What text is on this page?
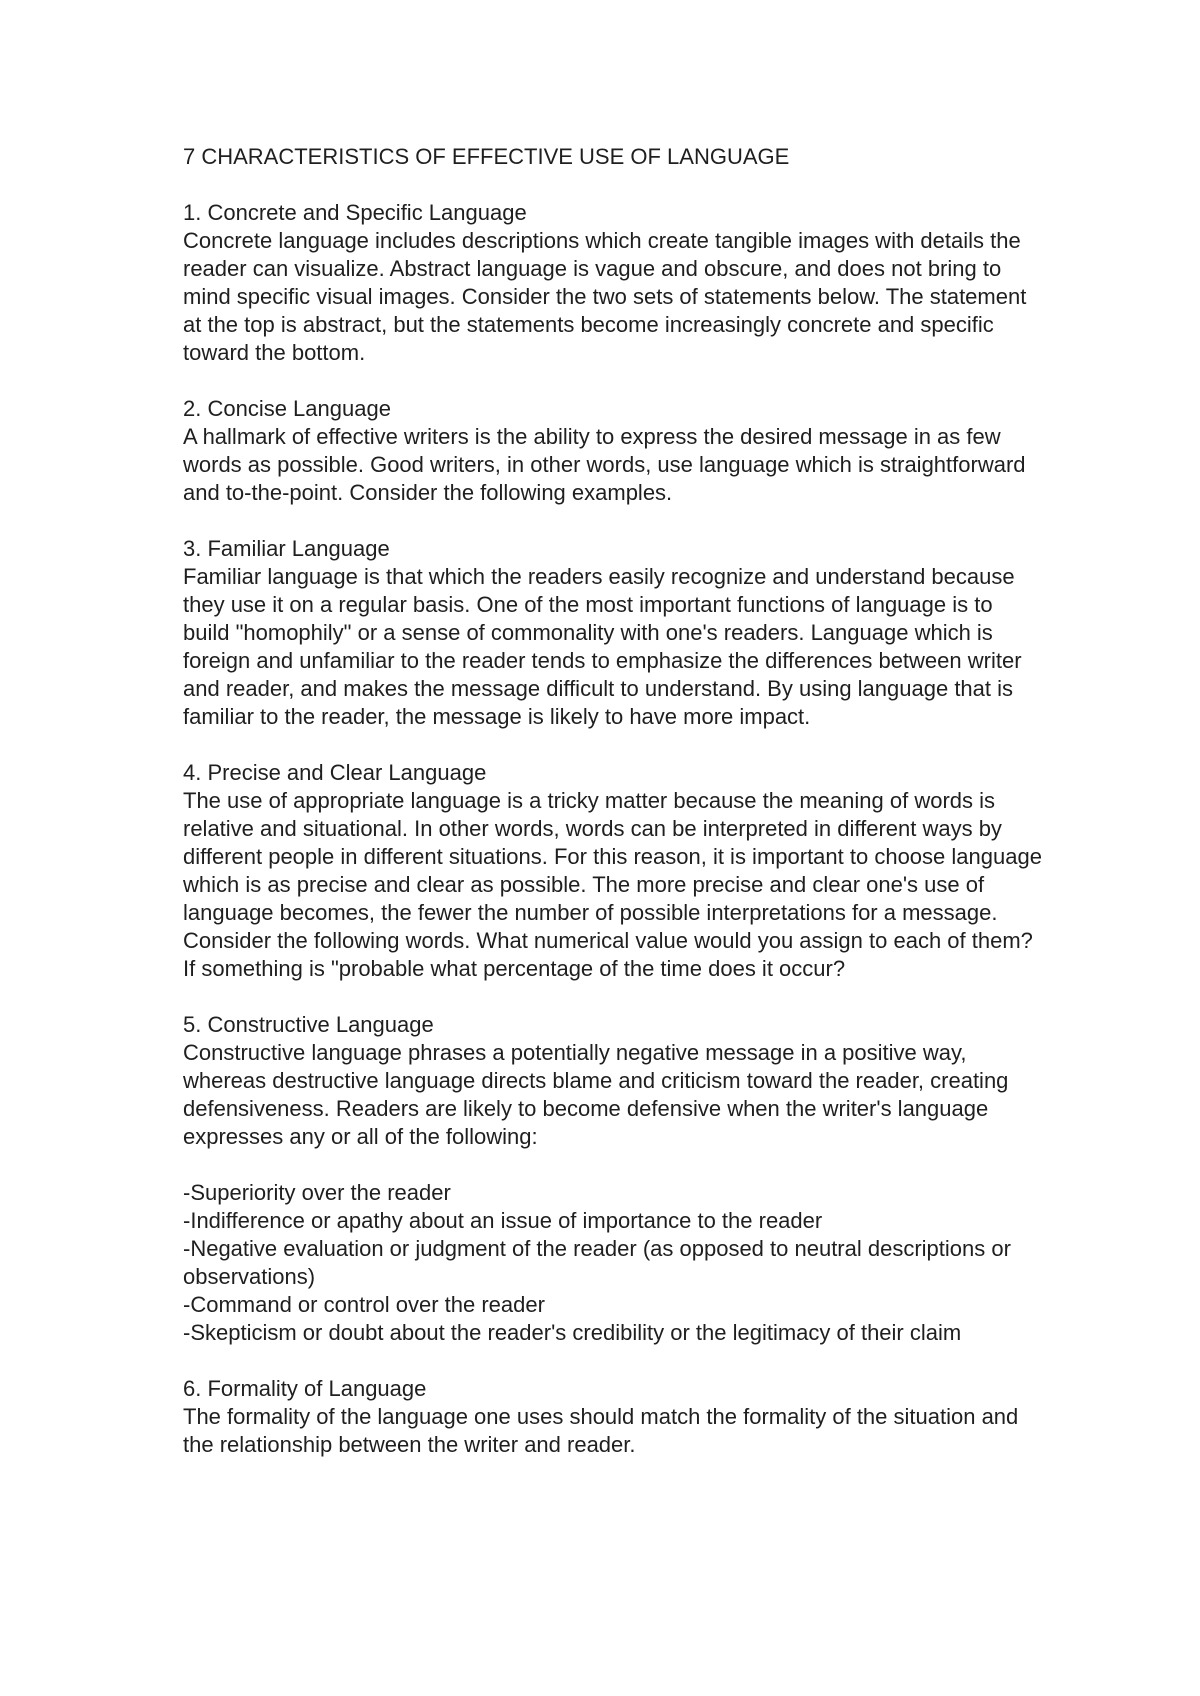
7 CHARACTERISTICS OF EFFECTIVE USE OF LANGUAGE
1. Concrete and Specific Language

Concrete language includes descriptions which create tangible images with details the reader can visualize. Abstract language is vague and obscure, and does not bring to mind specific visual images. Consider the two sets of statements below. The statement at the top is abstract, but the statements become increasingly concrete and specific toward the bottom.

2. Concise Language

A hallmark of effective writers is the ability to express the desired message in as few words as possible. Good writers, in other words, use language which is straightforward and to-the-point. Consider the following examples.

3. Familiar Language

Familiar language is that which the readers easily recognize and understand because they use it on a regular basis. One of the most important functions of language is to build "homophily" or a sense of commonality with one's readers. Language which is foreign and unfamiliar to the reader tends to emphasize the differences between writer and reader, and makes the message difficult to understand. By using language that is familiar to the reader, the message is likely to have more impact.

4. Precise and Clear Language

The use of appropriate language is a tricky matter because the meaning of words is relative and situational. In other words, words can be interpreted in different ways by different people in different situations. For this reason, it is important to choose language which is as precise and clear as possible. The more precise and clear one's use of language becomes, the fewer the number of possible interpretations for a message. Consider the following words. What numerical value would you assign to each of them? If something is "probable what percentage of the time does it occur?

5. Constructive Language

Constructive language phrases a potentially negative message in a positive way, whereas destructive language directs blame and criticism toward the reader, creating defensiveness. Readers are likely to become defensive when the writer's language expresses any or all of the following:

-Superiority over the reader
-Indifference or apathy about an issue of importance to the reader
-Negative evaluation or judgment of the reader (as opposed to neutral descriptions or observations)
-Command or control over the reader
-Skepticism or doubt about the reader's credibility or the legitimacy of their claim
6. Formality of Language

The formality of the language one uses should match the formality of the situation and the relationship between the writer and reader.
